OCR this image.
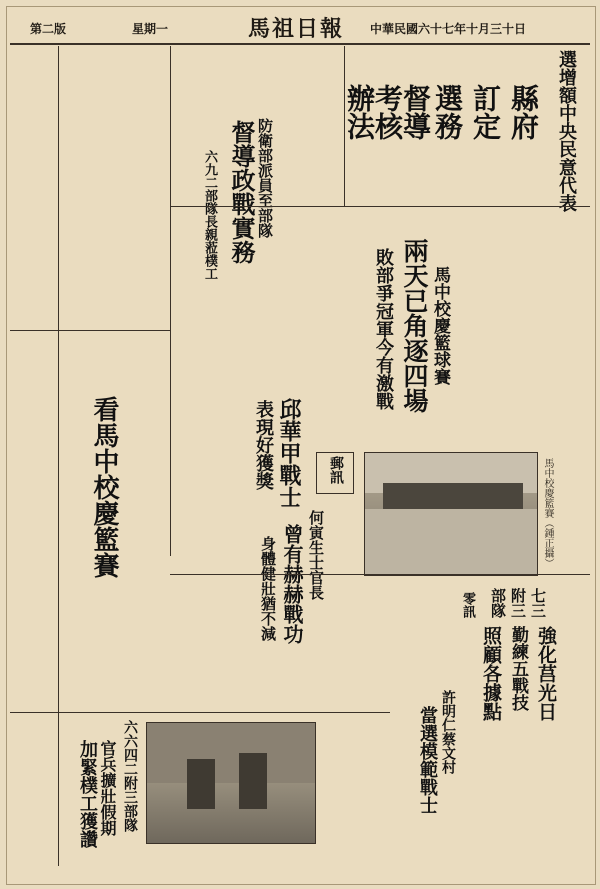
中華民國六十七年十月三十日
馬祖日報
星期一
第二版
選增額中央民意代表
縣府
訂定
選務
督導
考核
辦法
防衛部派員至部隊
督導政戰實務
六九二部隊長親蒞樸工
馬中校慶籃球賽
兩天已角逐四場
敗部爭冠軍今有激戰
看馬中校慶籃賽	邱華甲戰士
表現好獲獎	郵訊
何寅生士官長
曾有赫赫戰功
身體健壯猶不減
馬中校慶籃賽（鍾正攝）
七三
附三
部隊
強化莒光日
勤練五戰技
照顧各據點
零訊
許明仁蔡文村
當選模範戰士
六六四二附三部隊
官兵擴壯假期
加緊樸工獲讚
